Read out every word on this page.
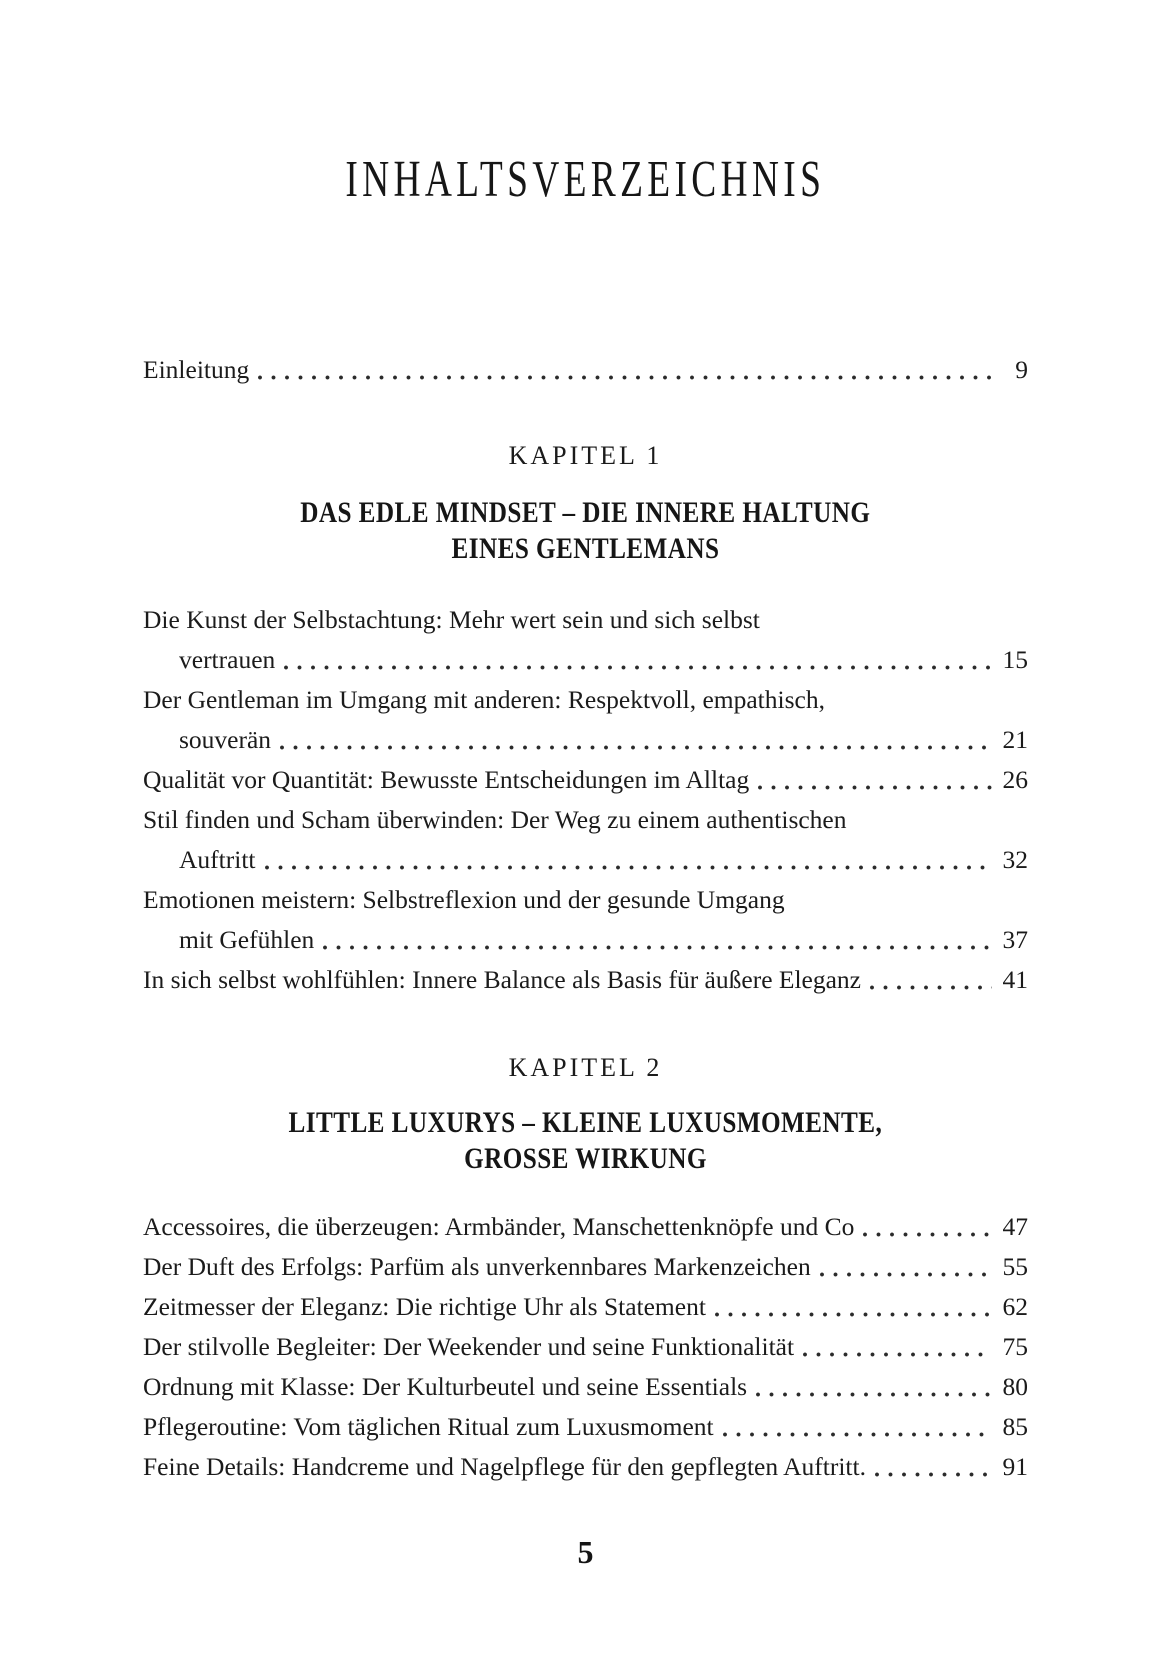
INHALTSVERZEICHNIS
Einleitung	9
KAPITEL 1
DAS EDLE MINDSET – DIE INNERE HALTUNG
EINES GENTLEMANS
Die Kunst der Selbstachtung: Mehr wert sein und sich selbst
vertrauen	15
Der Gentleman im Umgang mit anderen: Respektvoll, empathisch,
souverän	21
Qualität vor Quantität: Bewusste Entscheidungen im Alltag	26
Stil finden und Scham überwinden: Der Weg zu einem authentischen
Auftritt	32
Emotionen meistern: Selbstreflexion und der gesunde Umgang
mit Gefühlen	37
In sich selbst wohlfühlen: Innere Balance als Basis für äußere Eleganz	41
KAPITEL 2
LITTLE LUXURYS – KLEINE LUXUSMOMENTE,
GROSSE WIRKUNG
Accessoires, die überzeugen: Armbänder, Manschettenknöpfe und Co	47
Der Duft des Erfolgs: Parfüm als unverkennbares Markenzeichen	55
Zeitmesser der Eleganz: Die richtige Uhr als Statement	62
Der stilvolle Begleiter: Der Weekender und seine Funktionalität	75
Ordnung mit Klasse: Der Kulturbeutel und seine Essentials	80
Pflegeroutine: Vom täglichen Ritual zum Luxusmoment	85
Feine Details: Handcreme und Nagelpflege für den gepflegten Auftritt.	91
5
